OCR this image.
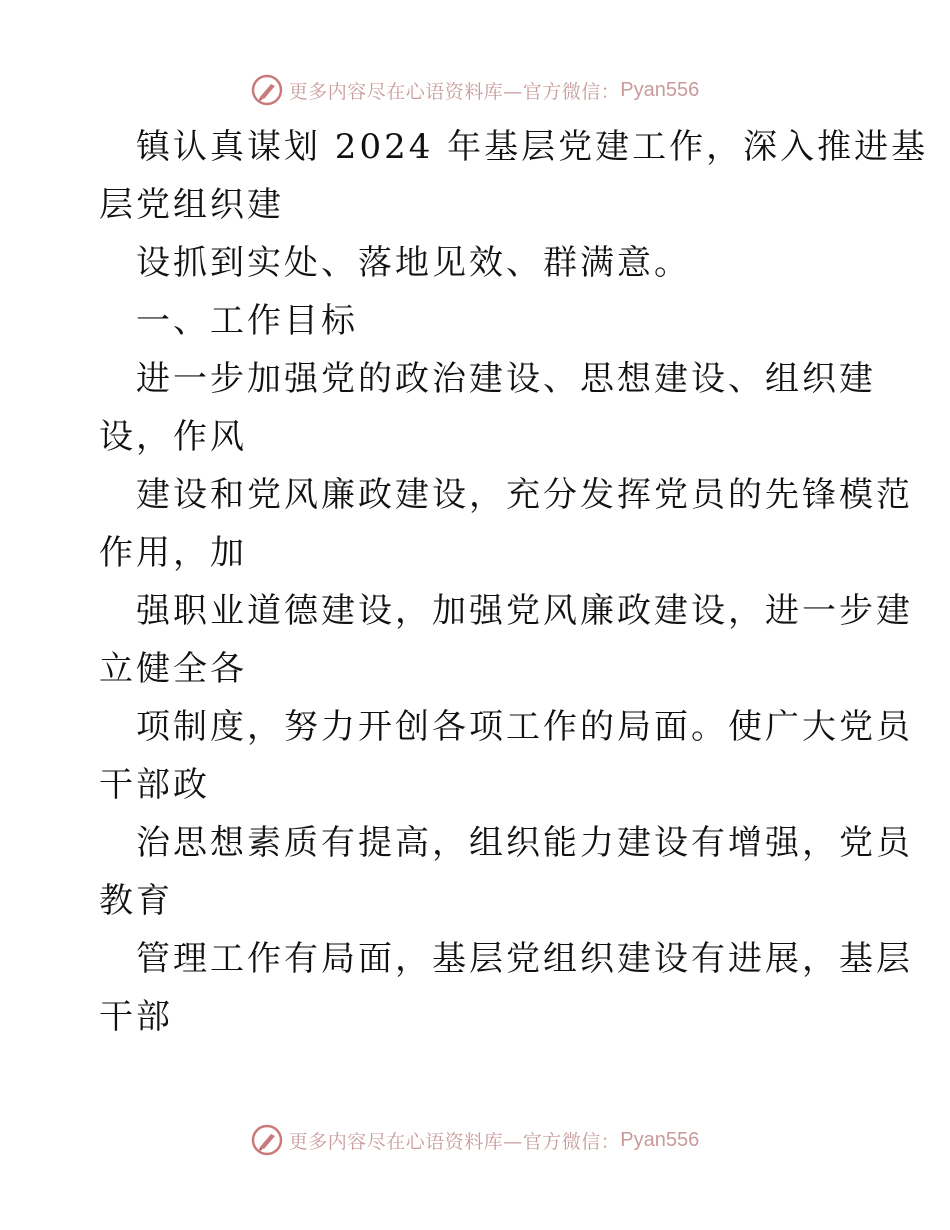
更多内容尽在心语资料库—官方微信： Pyan556
镇认真谋划 2024 年基层党建工作，深入推进基
层党组织建
设抓到实处、落地见效、群满意。
一、工作目标
进一步加强党的政治建设、思想建设、组织建
设，作风
建设和党风廉政建设，充分发挥党员的先锋模范
作用，加
强职业道德建设，加强党风廉政建设，进一步建
立健全各
项制度，努力开创各项工作的局面。使广大党员
干部政
治思想素质有提高，组织能力建设有增强，党员
教育
管理工作有局面，基层党组织建设有进展，基层
干部
更多内容尽在心语资料库—官方微信： Pyan556
